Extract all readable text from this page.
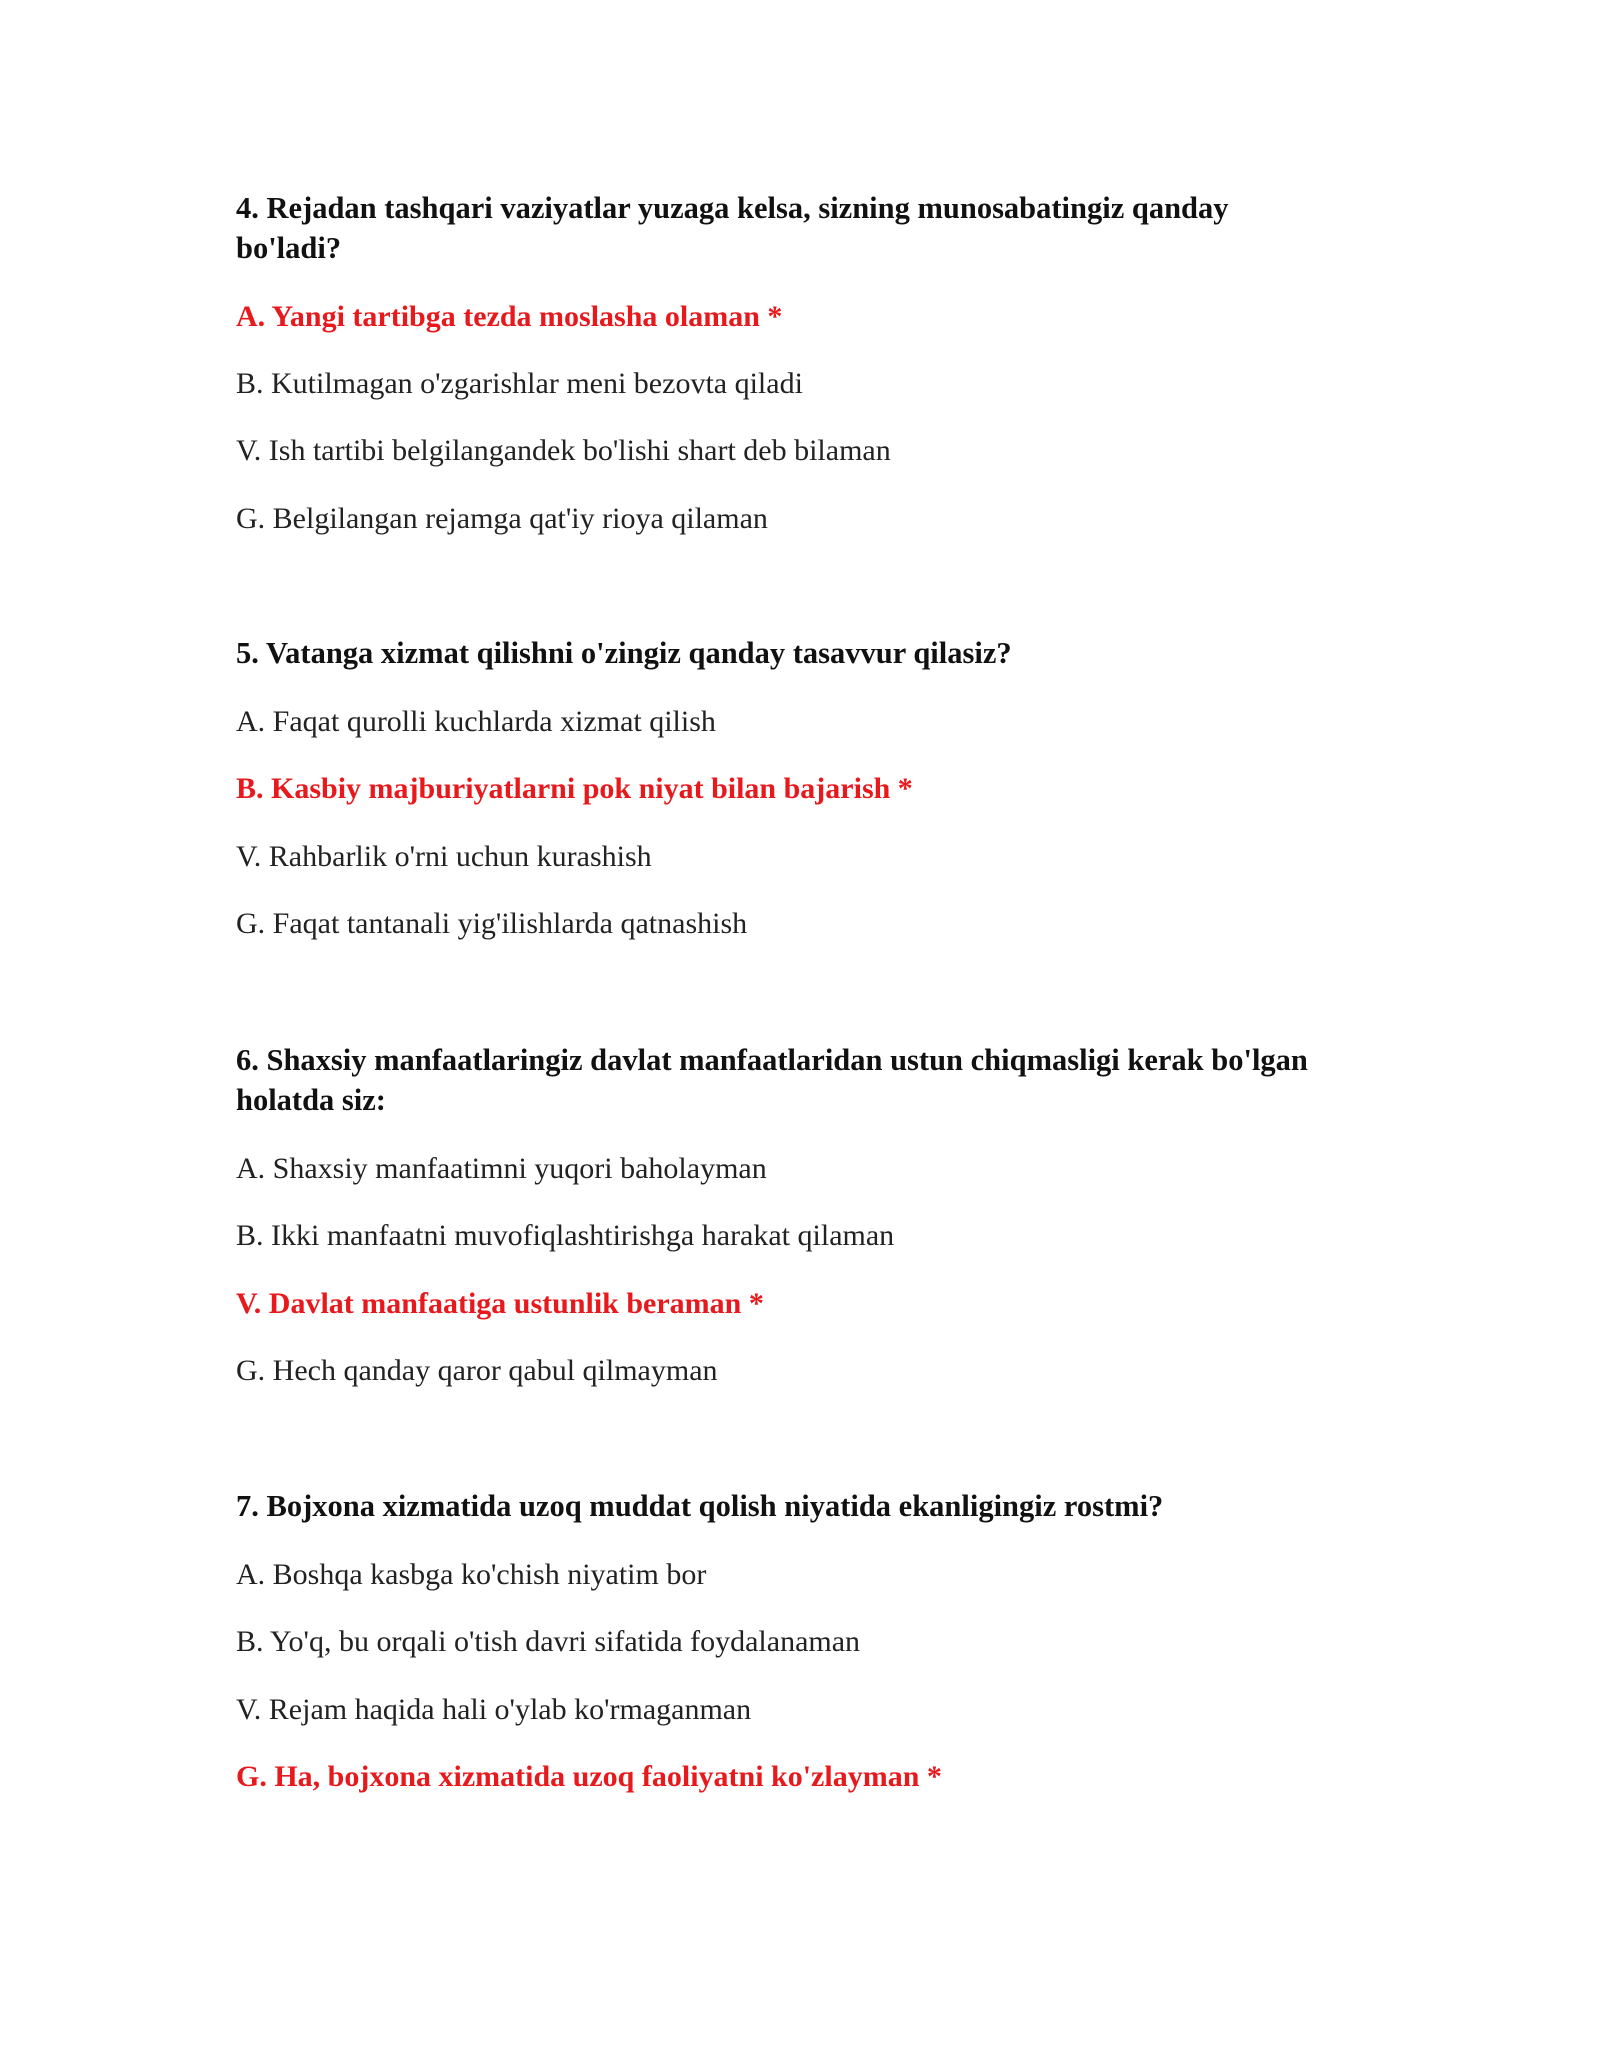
4. Rejadan tashqari vaziyatlar yuzaga kelsa, sizning munosabatingiz qanday

bo'ladi?

A. Yangi tartibga tezda moslasha olaman *

B. Kutilmagan o'zgarishlar meni bezovta qiladi

V. Ish tartibi belgilangandek bo'lishi shart deb bilaman

G. Belgilangan rejamga qat'iy rioya qilaman

5. Vatanga xizmat qilishni o'zingiz qanday tasavvur qilasiz?

A. Faqat qurolli kuchlarda xizmat qilish

B. Kasbiy majburiyatlarni pok niyat bilan bajarish *

V. Rahbarlik o'rni uchun kurashish

G. Faqat tantanali yig'ilishlarda qatnashish

6. Shaxsiy manfaatlaringiz davlat manfaatlaridan ustun chiqmasligi kerak bo'lgan

holatda siz:

A. Shaxsiy manfaatimni yuqori baholayman

B. Ikki manfaatni muvofiqlashtirishga harakat qilaman

V. Davlat manfaatiga ustunlik beraman *

G. Hech qanday qaror qabul qilmayman

7. Bojxona xizmatida uzoq muddat qolish niyatida ekanligingiz rostmi?

A. Boshqa kasbga ko'chish niyatim bor

B. Yo'q, bu orqali o'tish davri sifatida foydalanaman

V. Rejam haqida hali o'ylab ko'rmaganman

G. Ha, bojxona xizmatida uzoq faoliyatni ko'zlayman *
